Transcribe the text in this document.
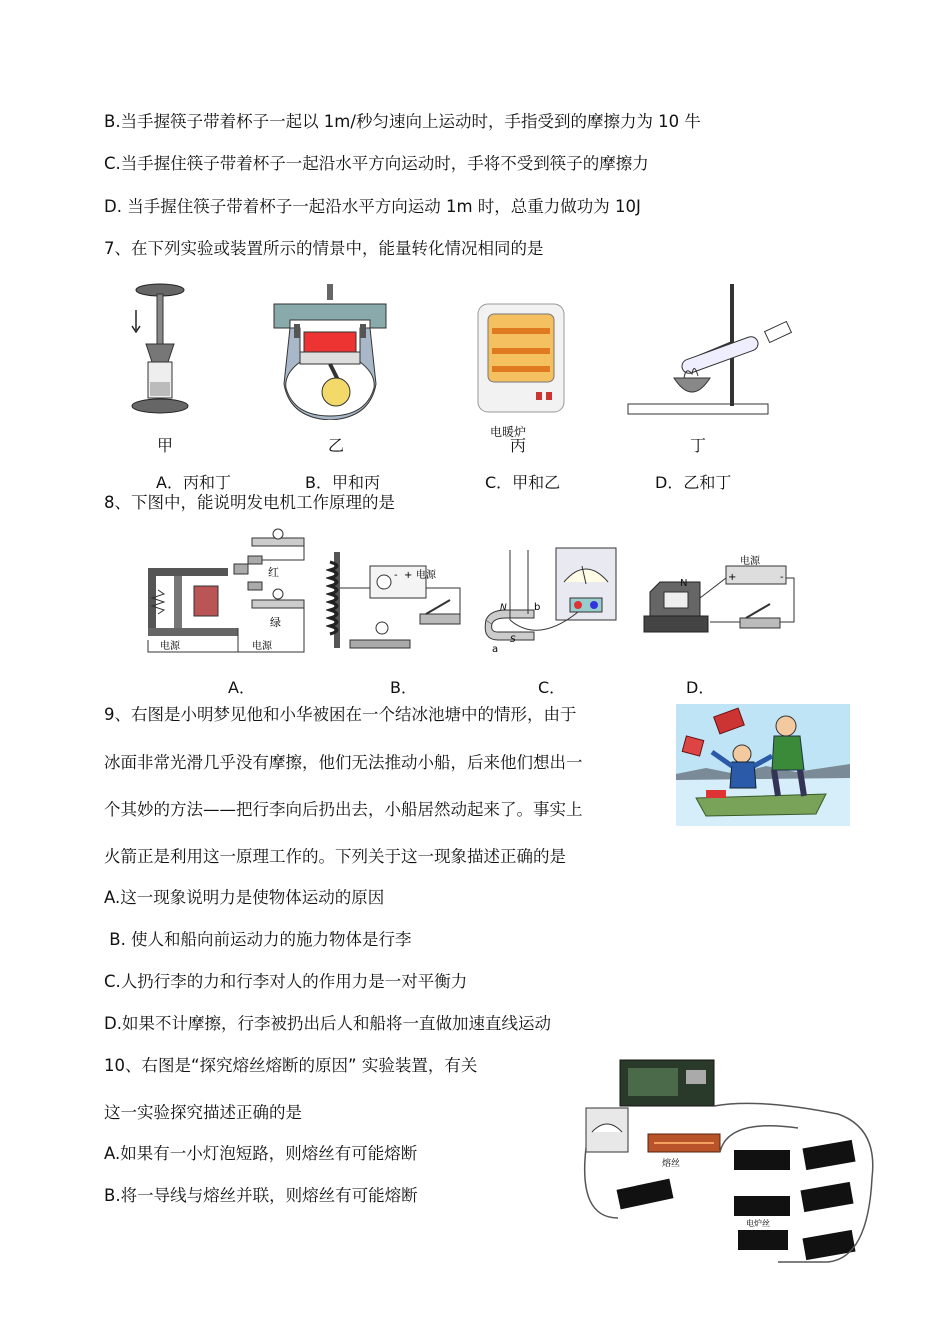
B.当手握筷子带着杯子一起以 1m/秒匀速向上运动时，手指受到的摩擦力为 10 牛
C.当手握住筷子带着杯子一起沿水平方向运动时，手将不受到筷子的摩擦力
D. 当手握住筷子带着杯子一起沿水平方向运动 1m 时，总重力做功为 10J
7、在下列实验或装置所示的情景中，能量转化情况相同的是
电暖炉
甲	乙	丙	丁
A．丙和丁	B．甲和丙	C．甲和乙	D．乙和丁
8、下图中，能说明发电机工作原理的是
电源	电源
红
绿
+
- 电源
N
S
a
b
N
电源
+	-
A．	B．	C．	D．
9、右图是小明梦见他和小华被困在一个结冰池塘中的情形，由于
冰面非常光滑几乎没有摩擦，他们无法推动小船，后来他们想出一
个其妙的方法——把行李向后扔出去，小船居然动起来了。事实上
火箭正是利用这一原理工作的。下列关于这一现象描述正确的是
A.这一现象说明力是使物体运动的原因
B. 使人和船向前运动力的施力物体是行李
C.人扔行李的力和行李对人的作用力是一对平衡力
D.如果不计摩擦，行李被扔出后人和船将一直做加速直线运动
10、右图是“探究熔丝熔断的原因” 实验装置，有关
这一实验探究描述正确的是
A.如果有一小灯泡短路，则熔丝有可能熔断
B.将一导线与熔丝并联，则熔丝有可能熔断
熔丝
电炉丝
